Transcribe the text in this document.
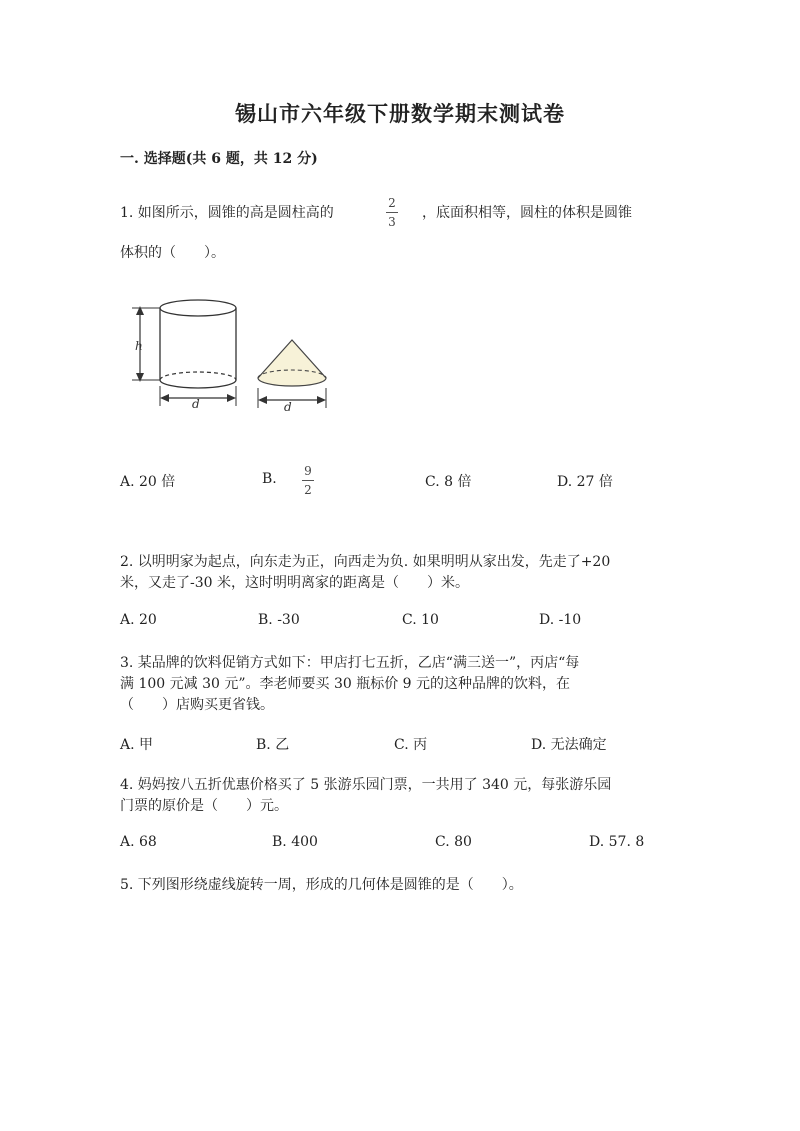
锡山市六年级下册数学期末测试卷
一. 选择题(共 6 题，共 12 分)
1. 如图所示，圆锥的高是圆柱高的
2
3
，底面积相等，圆柱的体积是圆锥
体积的（　　）。
h
d	d
A. 20 倍	B.	9
2	C. 8 倍	D. 27 倍
2. 以明明家为起点，向东走为正，向西走为负. 如果明明从家出发，先走了+20
米，又走了-30 米，这时明明离家的距离是（　　）米。
A. 20	B. -30	C. 10	D. -10
3. 某品牌的饮料促销方式如下：甲店打七五折，乙店“满三送一”，丙店“每
满 100 元减 30 元”。李老师要买 30 瓶标价 9 元的这种品牌的饮料，在
（　　）店购买更省钱。
A. 甲	B. 乙	C. 丙	D. 无法确定
4. 妈妈按八五折优惠价格买了 5 张游乐园门票，一共用了 340 元，每张游乐园
门票的原价是（　　）元。
A. 68	B. 400	C. 80	D. 57. 8
5. 下列图形绕虚线旋转一周，形成的几何体是圆锥的是（　　）。
